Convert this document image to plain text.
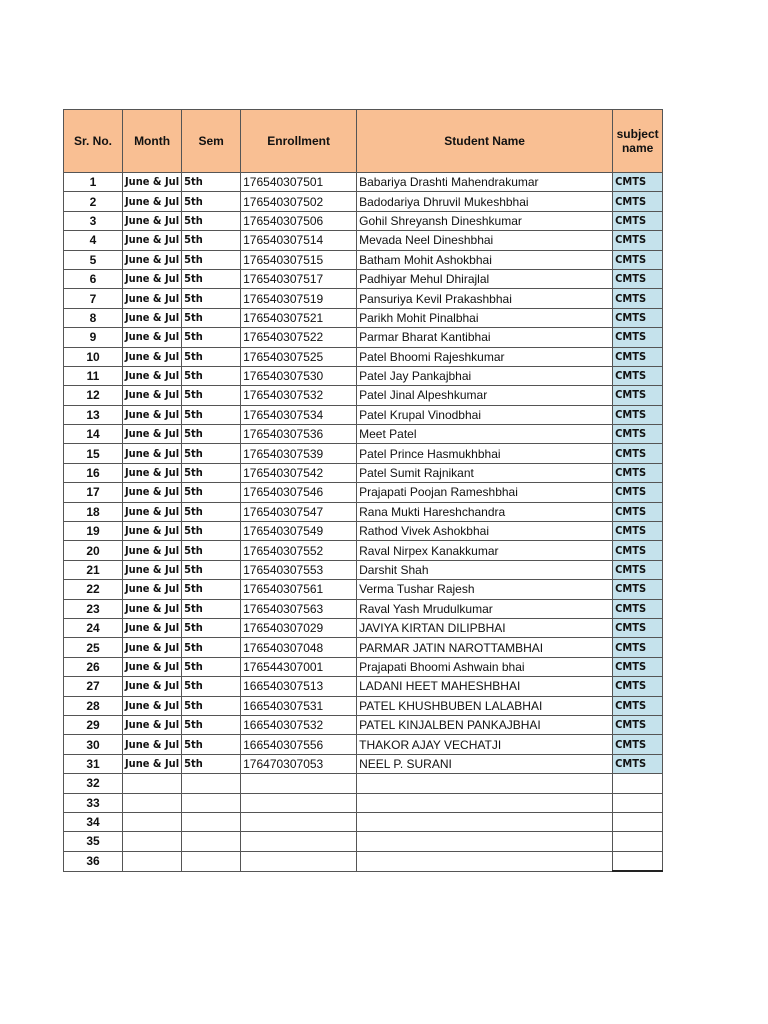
Sr. No.	Month	Sem	Enrollment	Student Name	subject name
1	June & Jul	5th	176540307501	Babariya Drashti Mahendrakumar	CMTS
2	June & Jul	5th	176540307502	Badodariya Dhruvil Mukeshbhai	CMTS
3	June & Jul	5th	176540307506	Gohil Shreyansh Dineshkumar	CMTS
4	June & Jul	5th	176540307514	Mevada Neel Dineshbhai	CMTS
5	June & Jul	5th	176540307515	Batham Mohit Ashokbhai	CMTS
6	June & Jul	5th	176540307517	Padhiyar Mehul Dhirajlal	CMTS
7	June & Jul	5th	176540307519	Pansuriya Kevil Prakashbhai	CMTS
8	June & Jul	5th	176540307521	Parikh Mohit Pinalbhai	CMTS
9	June & Jul	5th	176540307522	Parmar Bharat Kantibhai	CMTS
10	June & Jul	5th	176540307525	Patel Bhoomi Rajeshkumar	CMTS
11	June & Jul	5th	176540307530	Patel Jay Pankajbhai	CMTS
12	June & Jul	5th	176540307532	Patel Jinal Alpeshkumar	CMTS
13	June & Jul	5th	176540307534	Patel Krupal Vinodbhai	CMTS
14	June & Jul	5th	176540307536	Meet Patel	CMTS
15	June & Jul	5th	176540307539	Patel Prince Hasmukhbhai	CMTS
16	June & Jul	5th	176540307542	Patel Sumit Rajnikant	CMTS
17	June & Jul	5th	176540307546	Prajapati Poojan Rameshbhai	CMTS
18	June & Jul	5th	176540307547	Rana Mukti Hareshchandra	CMTS
19	June & Jul	5th	176540307549	Rathod Vivek Ashokbhai	CMTS
20	June & Jul	5th	176540307552	Raval Nirpex Kanakkumar	CMTS
21	June & Jul	5th	176540307553	Darshit Shah	CMTS
22	June & Jul	5th	176540307561	Verma Tushar Rajesh	CMTS
23	June & Jul	5th	176540307563	Raval Yash Mrudulkumar	CMTS
24	June & Jul	5th	176540307029	JAVIYA KIRTAN DILIPBHAI	CMTS
25	June & Jul	5th	176540307048	PARMAR JATIN NAROTTAMBHAI	CMTS
26	June & Jul	5th	176544307001	Prajapati Bhoomi Ashwain bhai	CMTS
27	June & Jul	5th	166540307513	LADANI HEET MAHESHBHAI	CMTS
28	June & Jul	5th	166540307531	PATEL KHUSHBUBEN LALABHAI	CMTS
29	June & Jul	5th	166540307532	PATEL KINJALBEN PANKAJBHAI	CMTS
30	June & Jul	5th	166540307556	THAKOR AJAY VECHATJI	CMTS
31	June & Jul	5th	176470307053	NEEL P. SURANI	CMTS
32					
33					
34					
35					
36					
